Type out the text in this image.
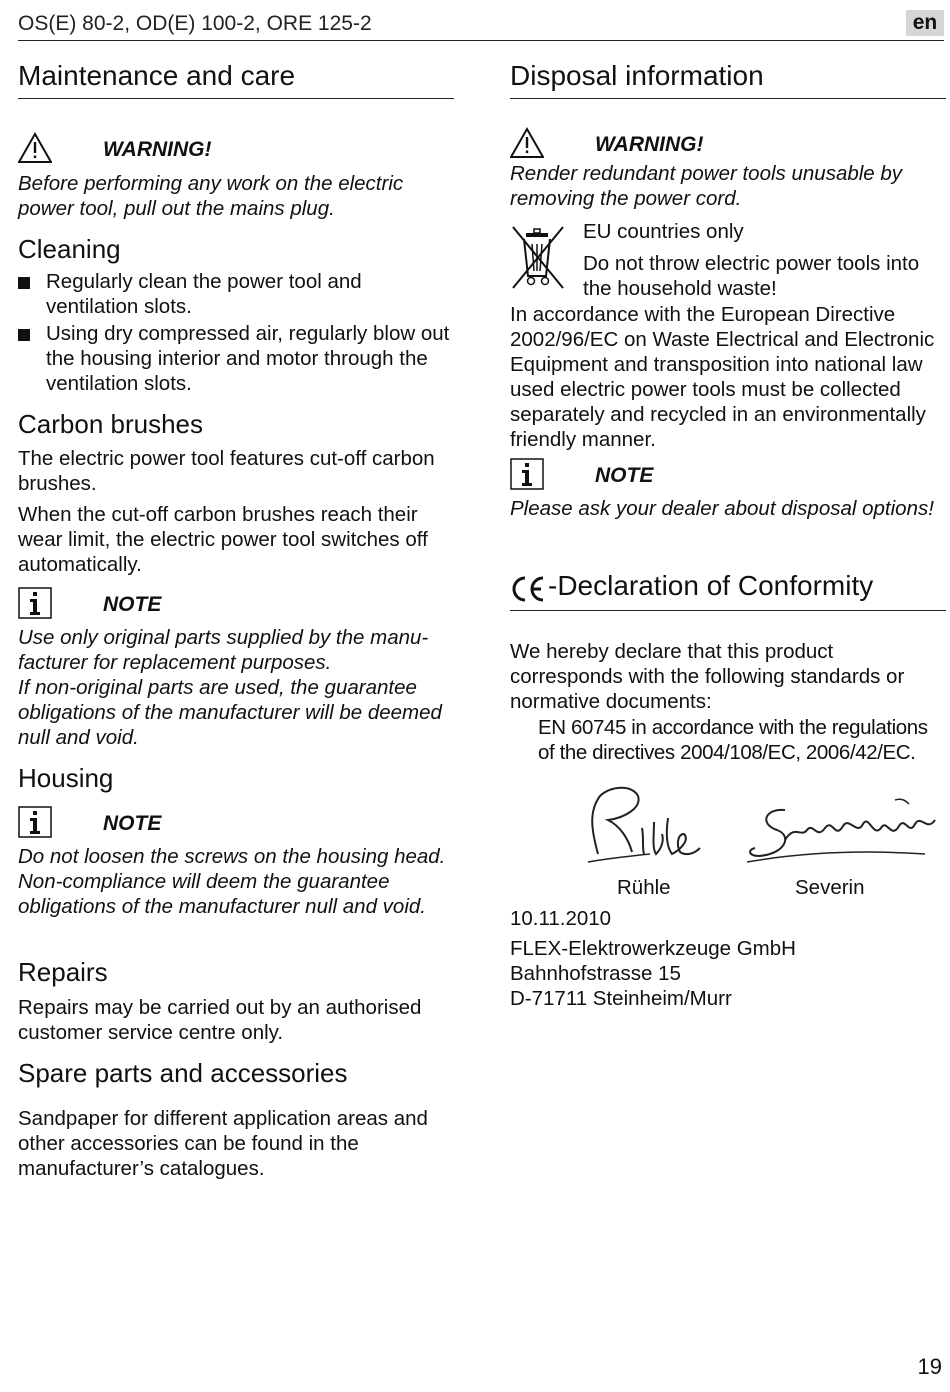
OS(E) 80-2, OD(E) 100-2, ORE 125-2	en
Maintenance and care
WARNING!

Before performing any work on the electric power tool, pull out the mains plug.

Cleaning
Regularly clean the power tool and ventilation slots.
Using dry compressed air, regularly blow out the housing interior and motor through the ventilation slots.
Carbon brushes

The electric power tool features cut-off carbon brushes.

When the cut-off carbon brushes reach their wear limit, the electric power tool switches off automatically.

NOTE

Use only original parts supplied by the manu-facturer for replacement purposes.

If non-original parts are used, the guarantee obligations of the manufacturer will be deemed null and void.

Housing
NOTE

Do not loosen the screws on the housing head. Non-compliance will deem the guarantee obligations of the manufacturer null and void.

Repairs

Repairs may be carried out by an authorised customer service centre only.

Spare parts and accessories

Sandpaper for different application areas and other accessories can be found in the manufacturer’s catalogues.

Disposal information
WARNING!

Render redundant power tools unusable by removing the power cord.

EU countries only

Do not throw electric power tools into the household waste!

In accordance with the European Directive 2002/96/EC on Waste Electrical and Electronic Equipment and transposition into national law used electric power tools must be collected separately and recycled in an environmentally friendly manner.

NOTE

Please ask your dealer about disposal options!

-Declaration of Conformity

We hereby declare that this product corresponds with the following standards or normative documents:

EN 60745 in accordance with the regulations of the directives 2004/108/EC, 2006/42/EC.

Rühle	Severin

10.11.2010

FLEX-Elektrowerkzeuge GmbH

Bahnhofstrasse 15

D-71711 Steinheim/Murr

19
